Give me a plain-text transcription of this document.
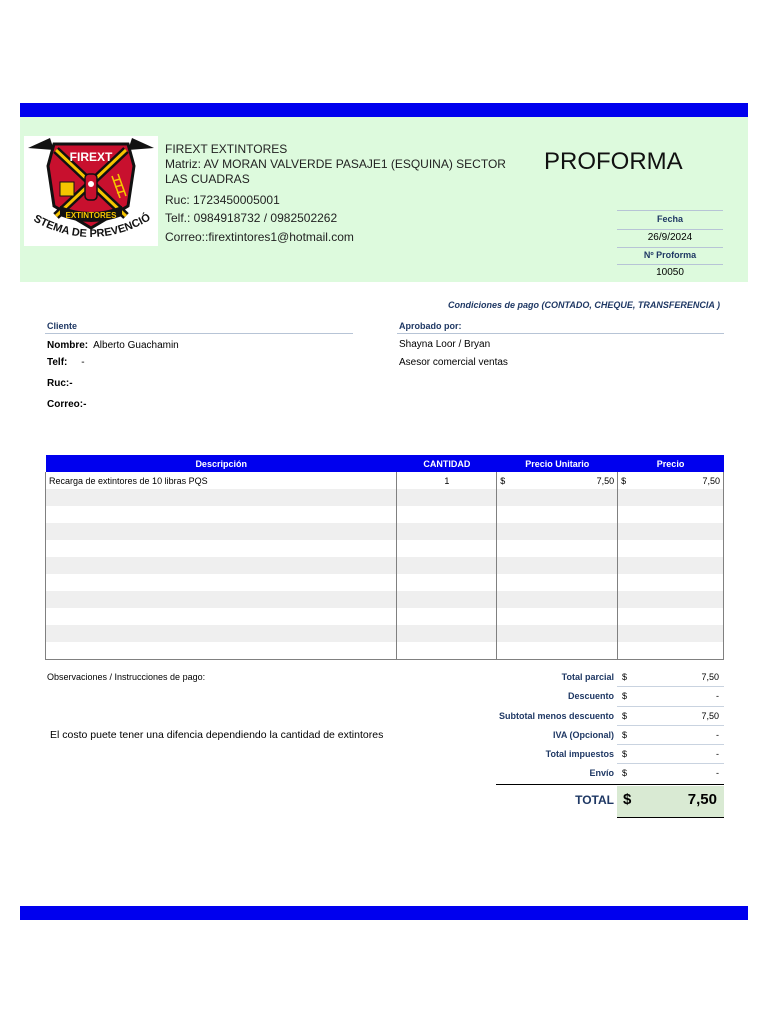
FIREXT
EXTINTORES
STEMA DE PREVENCIÓ
FIREXT EXTINTORES
Matriz: AV MORAN VALVERDE PASAJE1 (ESQUINA) SECTOR
LAS CUADRAS
Ruc: 1723450005001
Telf.: 0984918732 / 0982502262
Correo::firextintores1@hotmail.com
PROFORMA
Fecha
26/9/2024
Nº Proforma
10050
Condiciones de pago (CONTADO, CHEQUE, TRANSFERENCIA )
Cliente
Nombre: Alberto Guachamin
Telf: -
Ruc:-
Correo:-
Aprobado por:
Shayna Loor / Bryan
Asesor comercial ventas
Descripción	CANTIDAD	Precio Unitario	Precio
Recarga de extintores de 10 libras PQS	1	$ 7,50	$ 7,50

Observaciones / Instrucciones de pago:
El costo puete tener una difencia dependiendo la cantidad de extintores
Total parcial $	7,50
Descuento $	-
Subtotal menos descuento $	7,50
IVA (Opcional) $	-
Total impuestos $	-
Envío $	-
TOTAL $	7,50
